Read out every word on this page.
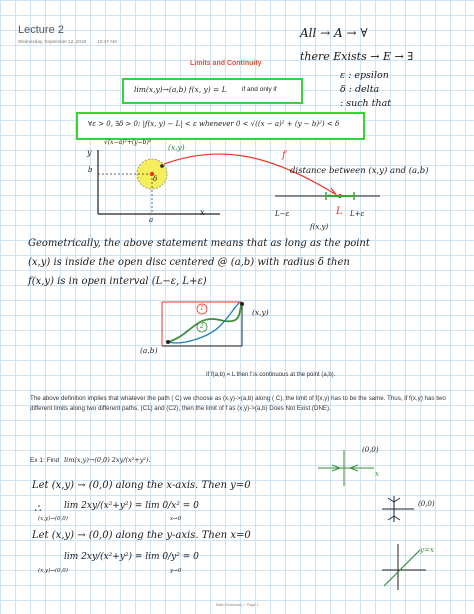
Lecture 2
Wednesday, September 12, 2018 10:47 AM
All → A → ∀
there Exists → E → ∃
ε : epsilon
δ : delta
: such that
Limits and Continuity
lim(x,y)→(a,b) f(x, y) = L if and only if
∀ε > 0, ∃δ > 0: |f(x, y) − L| < ε whenever 0 < √((x − a)² + (y − b)²) < δ
y
x
b
a
δ
√(x−a)²+(y−b)²
(x,y)
f
L−ε	L L+ε
f(x,y)
distance between (x,y) and (a,b)
Geometrically, the above statement means that as long as the point
(x,y) is inside the open disc centered @ (a,b) with radius δ then
f(x,y) is in open interval (L−ε, L+ε)
1
2
(x,y)
(a,b)
If f(a,b) = L then f is continuous at the point (a,b).
The above definition implies that whatever the path ( C) we choose as (x,y)->(a,b) along ( C), the limit of f(x,y) has to be the same. Thus, if f(x,y) has two different limits along two different paths, (C1) and (C2), then the limit of f as (x,y)->(a,b) Does Not Exist (DNE).
Ex 1: Find lim(x,y)→(0,0) 2xy/(x²+y²).
(0,0)
x
Let (x,y) → (0,0) along the x-axis. Then y=0
∴	lim 2xy/(x²+y²) = lim 0/x² = 0
(x,y)→(0,0)	x→0
(0,0)
Let (x,y) → (0,0) along the y-axis. Then x=0
lim 2xy/(x²+y²) = lim 0/y² = 0
(x,y)→(0,0)	y→0
y=x
Math Dictionary > Page 1
